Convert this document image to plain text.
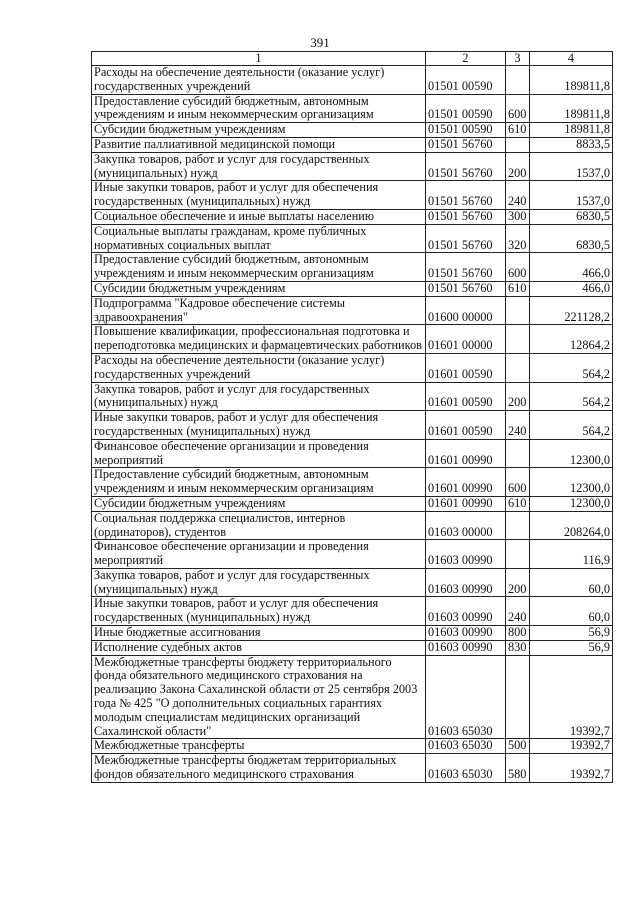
391
1	2	3	4
Расходы на обеспечение деятельности (оказание услуг) государственных учреждений	01501 00590		189811,8
Предоставление субсидий бюджетным, автономным учреждениям и иным некоммерческим организациям	01501 00590	600	189811,8
Субсидии бюджетным учреждениям	01501 00590	610	189811,8
Развитие паллиативной медицинской помощи	01501 56760		8833,5
Закупка товаров, работ и услуг для государственных (муниципальных) нужд	01501 56760	200	1537,0
Иные закупки товаров, работ и услуг для обеспечения государственных (муниципальных) нужд	01501 56760	240	1537,0
Социальное обеспечение и иные выплаты населению	01501 56760	300	6830,5
Социальные выплаты гражданам, кроме публичных нормативных социальных выплат	01501 56760	320	6830,5
Предоставление субсидий бюджетным, автономным учреждениям и иным некоммерческим организациям	01501 56760	600	466,0
Субсидии бюджетным учреждениям	01501 56760	610	466,0
Подпрограмма "Кадровое обеспечение системы здравоохранения"	01600 00000		221128,2
Повышение квалификации, профессиональная подготовка и переподготовка медицинских и фармацевтических работников	01601 00000		12864,2
Расходы на обеспечение деятельности (оказание услуг) государственных учреждений	01601 00590		564,2
Закупка товаров, работ и услуг для государственных (муниципальных) нужд	01601 00590	200	564,2
Иные закупки товаров, работ и услуг для обеспечения государственных (муниципальных) нужд	01601 00590	240	564,2
Финансовое обеспечение организации и проведения мероприятий	01601 00990		12300,0
Предоставление субсидий бюджетным, автономным учреждениям и иным некоммерческим организациям	01601 00990	600	12300,0
Субсидии бюджетным учреждениям	01601 00990	610	12300,0
Социальная поддержка специалистов, интернов (ординаторов), студентов	01603 00000		208264,0
Финансовое обеспечение организации и проведения мероприятий	01603 00990		116,9
Закупка товаров, работ и услуг для государственных (муниципальных) нужд	01603 00990	200	60,0
Иные закупки товаров, работ и услуг для обеспечения государственных (муниципальных) нужд	01603 00990	240	60,0
Иные бюджетные ассигнования	01603 00990	800	56,9
Исполнение судебных актов	01603 00990	830	56,9
Межбюджетные трансферты бюджету территориального фонда обязательного медицинского страхования на реализацию Закона Сахалинской области от 25 сентября 2003 года № 425 "О дополнительных социальных гарантиях молодым специалистам медицинских организаций Сахалинской области"	01603 65030		19392,7
Межбюджетные трансферты	01603 65030	500	19392,7
Межбюджетные трансферты бюджетам территориальных фондов обязательного медицинского страхования	01603 65030	580	19392,7
